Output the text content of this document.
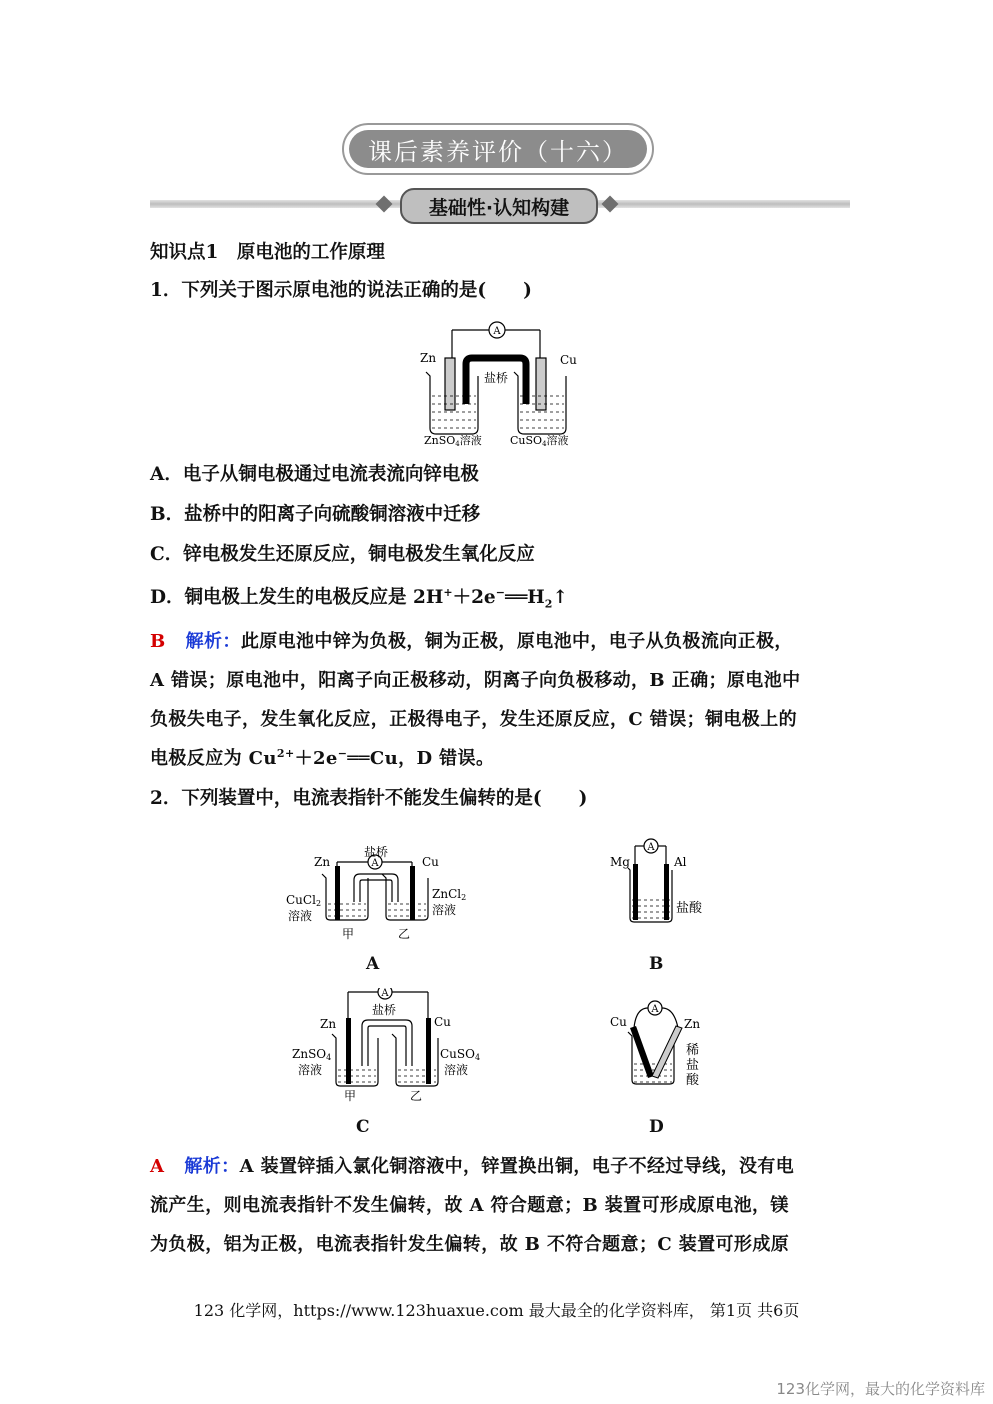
课后素养评价（十六）
基础性·认知构建
知识点1　原电池的工作原理
1．下列关于图示原电池的说法正确的是(　　)
A
Zn	Cu
盐桥
ZnSO4溶液	CuSO4溶液
A．电子从铜电极通过电流表流向锌电极
B．盐桥中的阳离子向硫酸铜溶液中迁移
C．锌电极发生还原反应，铜电极发生氧化反应
D．铜电极上发生的电极反应是 $2H^++2e^-══H_2↑$
B 解析：此原电池中锌为负极，铜为正极，原电池中，电子从负极流向正极，
A 错误；原电池中，阳离子向正极移动，阴离子向负极移动，B 正确；原电池中
负极失电子，发生氧化反应，正极得电子，发生还原反应，C 错误；铜电极上的
电极反应为 $Cu^{2+}+2e^-══Cu$，D 错误。
2．下列装置中，电流表指针不能发生偏转的是(　　)
A
盐桥
Zn	Cu
CuCl2
溶液
ZnCl2
溶液
甲	乙
A
A
Mg	Al
盐酸
B
A
盐桥
Zn	Cu
ZnSO4
溶液
CuSO4
溶液
甲	乙
C
A
Cu	Zn
稀
盐
酸
D
A 解析：A 装置锌插入氯化铜溶液中，锌置换出铜，电子不经过导线，没有电
流产生，则电流表指针不发生偏转，故 A 符合题意；B 装置可形成原电池，镁
为负极，铝为正极，电流表指针发生偏转，故 B 不符合题意；C 装置可形成原
123 化学网，https://www.123huaxue.com 最大最全的化学资料库， 第1页 共6页
123化学网，最大的化学资料库
